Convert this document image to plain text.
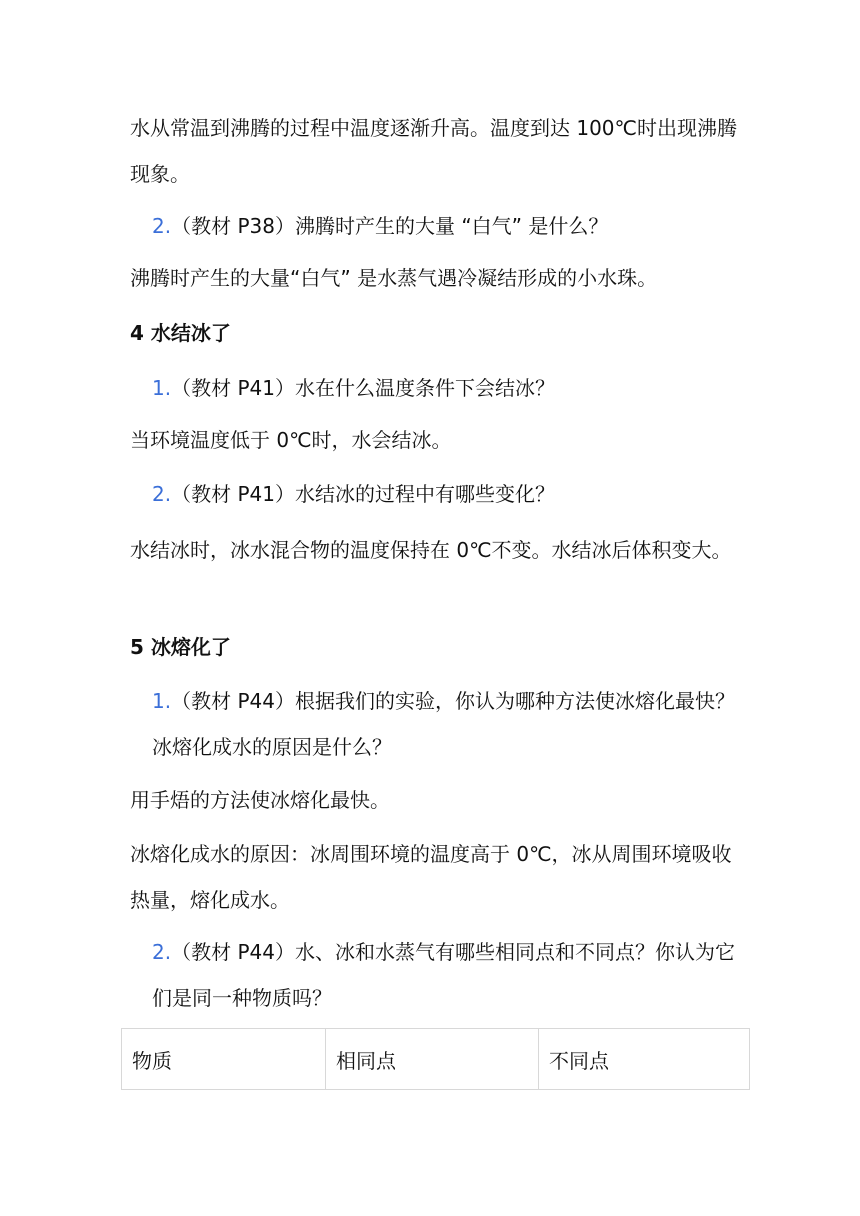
水从常温到沸腾的过程中温度逐渐升高。温度到达 100℃时出现沸腾现象。

2.（教材 P38）沸腾时产生的大量 “白气” 是什么？

沸腾时产生的大量“白气” 是水蒸气遇冷凝结形成的小水珠。

4 水结冰了

1.（教材 P41）水在什么温度条件下会结冰？

当环境温度低于 0℃时，水会结冰。

2.（教材 P41）水结冰的过程中有哪些变化？

水结冰时，冰水混合物的温度保持在 0℃不变。水结冰后体积变大。

5 冰熔化了

1.（教材 P44）根据我们的实验，你认为哪种方法使冰熔化最快？冰熔化成水的原因是什么？

用手焐的方法使冰熔化最快。

冰熔化成水的原因：冰周围环境的温度高于 0℃，冰从周围环境吸收热量，熔化成水。

2.（教材 P44）水、冰和水蒸气有哪些相同点和不同点？你认为它们是同一种物质吗？

物质	相同点	不同点
